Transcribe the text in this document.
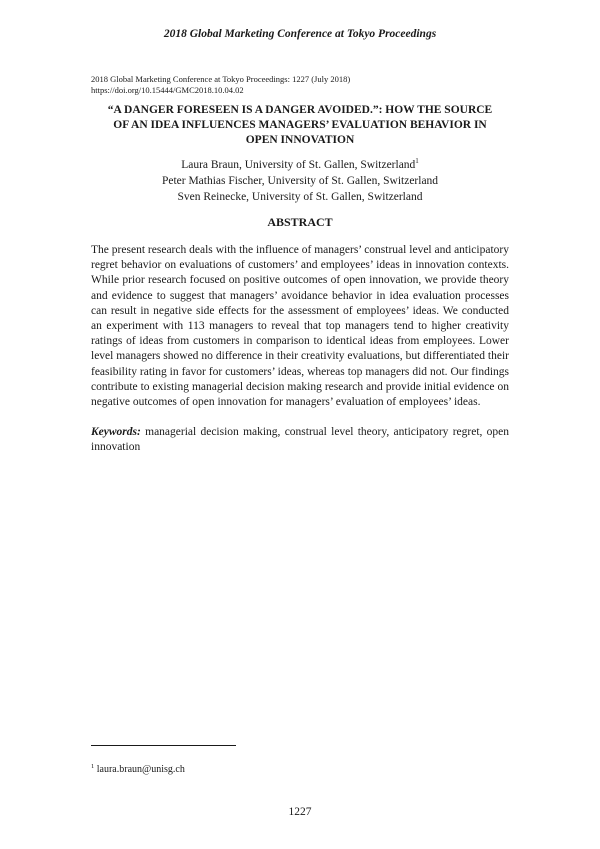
2018 Global Marketing Conference at Tokyo Proceedings
2018 Global Marketing Conference at Tokyo Proceedings: 1227 (July 2018)
https://doi.org/10.15444/GMC2018.10.04.02
“A DANGER FORESEEN IS A DANGER AVOIDED.”: HOW THE SOURCE
OF AN IDEA INFLUENCES MANAGERS’ EVALUATION BEHAVIOR IN
OPEN INNOVATION
Laura Braun, University of St. Gallen, Switzerland$^1$
Peter Mathias Fischer, University of St. Gallen, Switzerland
Sven Reinecke, University of St. Gallen, Switzerland
ABSTRACT

The present research deals with the influence of managers’ construal level and anticipatory regret behavior on evaluations of customers’ and employees’ ideas in innovation contexts. While prior research focused on positive outcomes of open innovation, we provide theory and evidence to suggest that managers’ avoidance behavior in idea evaluation processes can result in negative side effects for the assessment of employees’ ideas. We conducted an experiment with 113 managers to reveal that top managers tend to higher creativity ratings of ideas from customers in comparison to identical ideas from employees. Lower level managers showed no difference in their creativity evaluations, but differentiated their feasibility rating in favor for customers’ ideas, whereas top managers did not. Our findings contribute to existing managerial decision making research and provide initial evidence on negative outcomes of open innovation for managers’ evaluation of employees’ ideas.

Keywords: managerial decision making, construal level theory, anticipatory regret, open innovation

$^1$ laura.braun@unisg.ch
1227
